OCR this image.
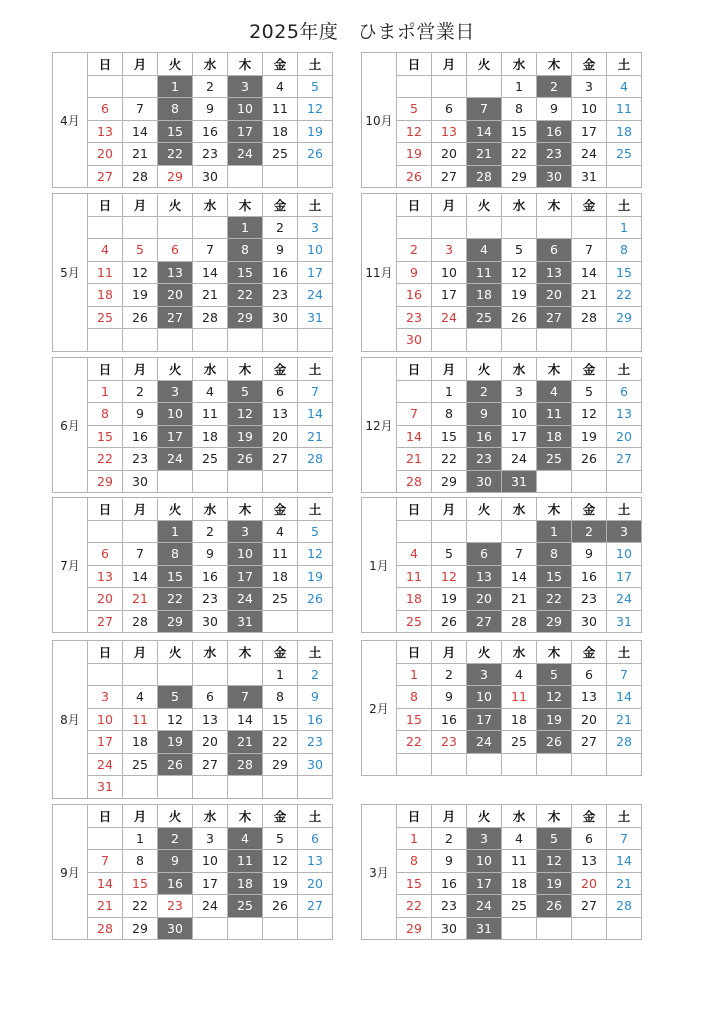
2025年度　ひまポ営業日
4月	日	月	火	水	木	金	土
			1	2	3	4	5
	6	7	8	9	10	11	12
	13	14	15	16	17	18	19
	20	21	22	23	24	25	26
	27	28	29	30			
10月	日	月	火	水	木	金	土
				1	2	3	4
	5	6	7	8	9	10	11
	12	13	14	15	16	17	18
	19	20	21	22	23	24	25
	26	27	28	29	30	31	
5月	日	月	火	水	木	金	土
					1	2	3
	4	5	6	7	8	9	10
	11	12	13	14	15	16	17
	18	19	20	21	22	23	24
	25	26	27	28	29	30	31

11月	日	月	火	水	木	金	土
							1
	2	3	4	5	6	7	8
	9	10	11	12	13	14	15
	16	17	18	19	20	21	22
	23	24	25	26	27	28	29
	30						
6月	日	月	火	水	木	金	土
	1	2	3	4	5	6	7
	8	9	10	11	12	13	14
	15	16	17	18	19	20	21
	22	23	24	25	26	27	28
	29	30					
12月	日	月	火	水	木	金	土
		1	2	3	4	5	6
	7	8	9	10	11	12	13
	14	15	16	17	18	19	20
	21	22	23	24	25	26	27
	28	29	30	31			
7月	日	月	火	水	木	金	土
			1	2	3	4	5
	6	7	8	9	10	11	12
	13	14	15	16	17	18	19
	20	21	22	23	24	25	26
	27	28	29	30	31		
1月	日	月	火	水	木	金	土
					1	2	3
	4	5	6	7	8	9	10
	11	12	13	14	15	16	17
	18	19	20	21	22	23	24
	25	26	27	28	29	30	31
8月	日	月	火	水	木	金	土
						1	2
	3	4	5	6	7	8	9
	10	11	12	13	14	15	16
	17	18	19	20	21	22	23
	24	25	26	27	28	29	30
	31						
2月	日	月	火	水	木	金	土
	1	2	3	4	5	6	7
	8	9	10	11	12	13	14
	15	16	17	18	19	20	21
	22	23	24	25	26	27	28

9月	日	月	火	水	木	金	土
		1	2	3	4	5	6
	7	8	9	10	11	12	13
	14	15	16	17	18	19	20
	21	22	23	24	25	26	27
	28	29	30				
3月	日	月	火	水	木	金	土
	1	2	3	4	5	6	7
	8	9	10	11	12	13	14
	15	16	17	18	19	20	21
	22	23	24	25	26	27	28
	29	30	31				
